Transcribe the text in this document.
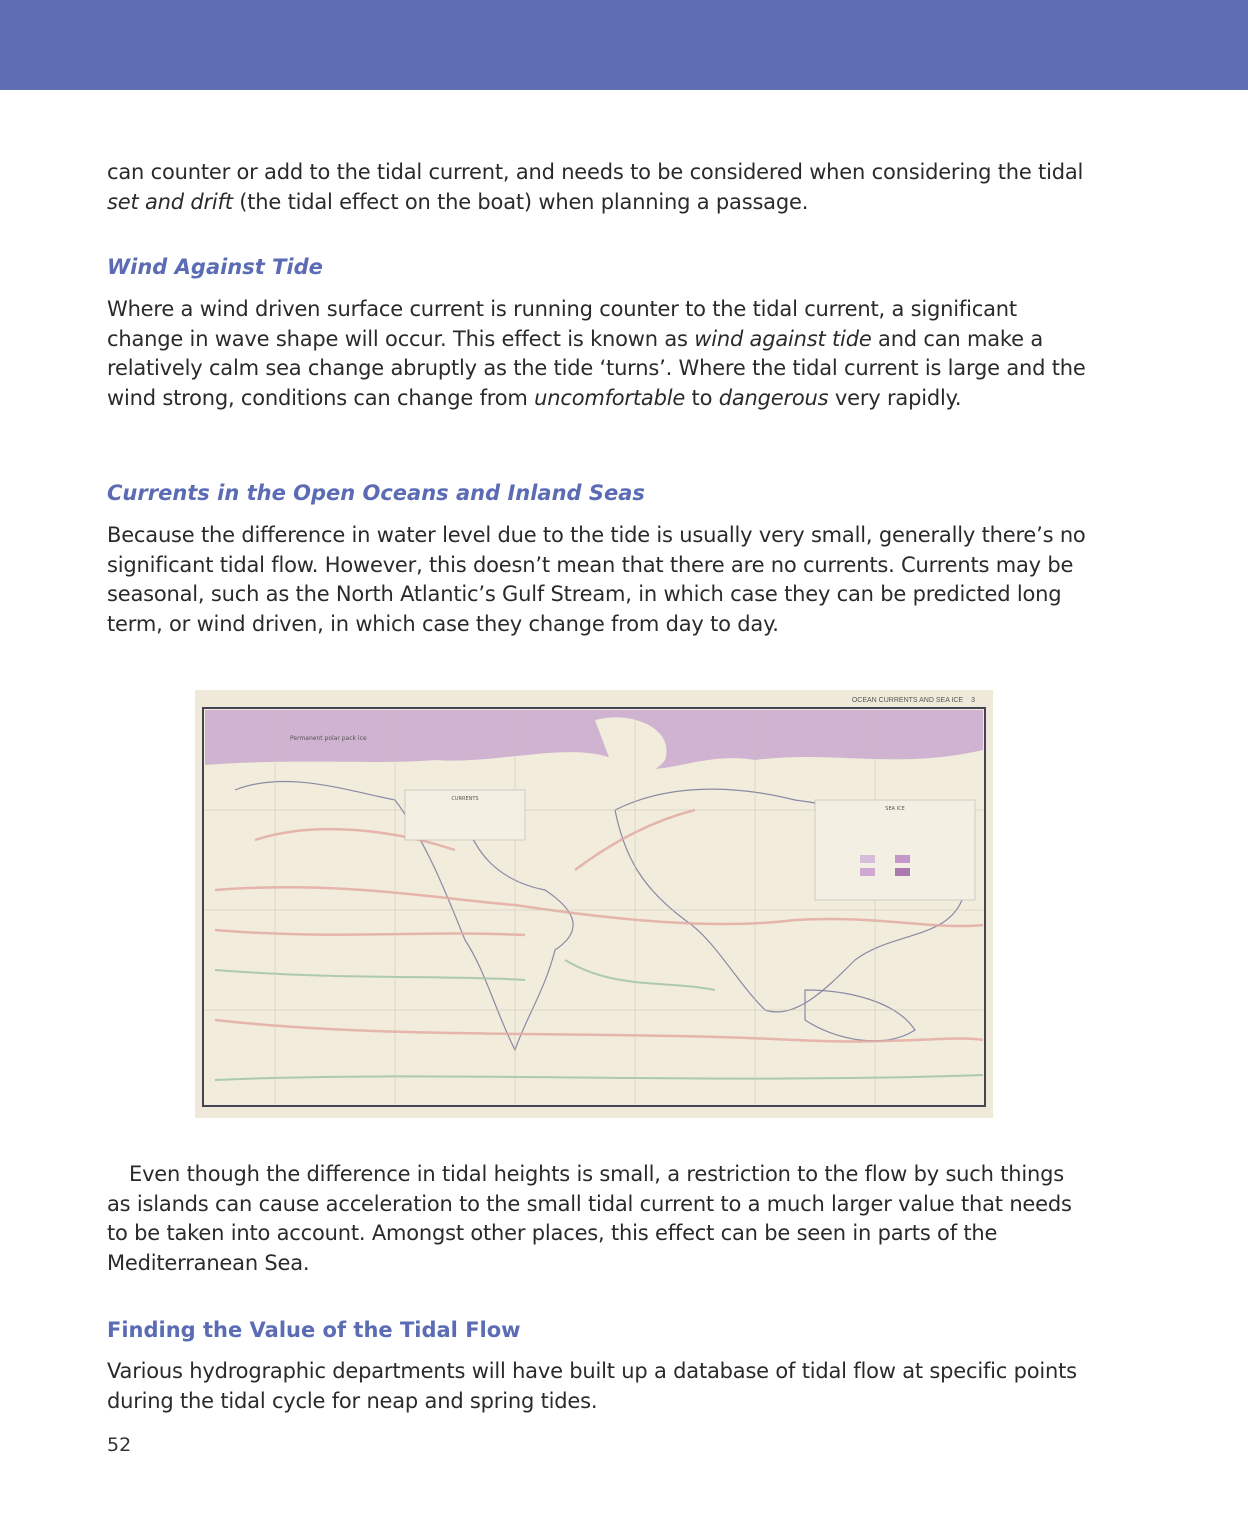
can counter or add to the tidal current, and needs to be considered when considering the tidal set and drift (the tidal effect on the boat) when planning a passage.

Wind Against Tide

Where a wind driven surface current is running counter to the tidal current, a significant change in wave shape will occur. This effect is known as wind against tide and can make a relatively calm sea change abruptly as the tide ‘turns’. Where the tidal current is large and the wind strong, conditions can change from uncomfortable to dangerous very rapidly.

Currents in the Open Oceans and Inland Seas

Because the difference in water level due to the tide is usually very small, generally there’s no significant tidal flow. However, this doesn’t mean that there are no currents. Currents may be seasonal, such as the North Atlantic’s Gulf Stream, in which case they can be predicted long term, or wind driven, in which case they change from day to day.

OCEAN CURRENTS AND SEA ICE 3
Permanent polar pack ice
CURRENTS
SEA ICE

Even though the difference in tidal heights is small, a restriction to the flow by such things as islands can cause acceleration to the small tidal current to a much larger value that needs to be taken into account. Amongst other places, this effect can be seen in parts of the Mediterranean Sea.

Finding the Value of the Tidal Flow

Various hydrographic departments will have built up a database of tidal flow at specific points during the tidal cycle for neap and spring tides.

52
